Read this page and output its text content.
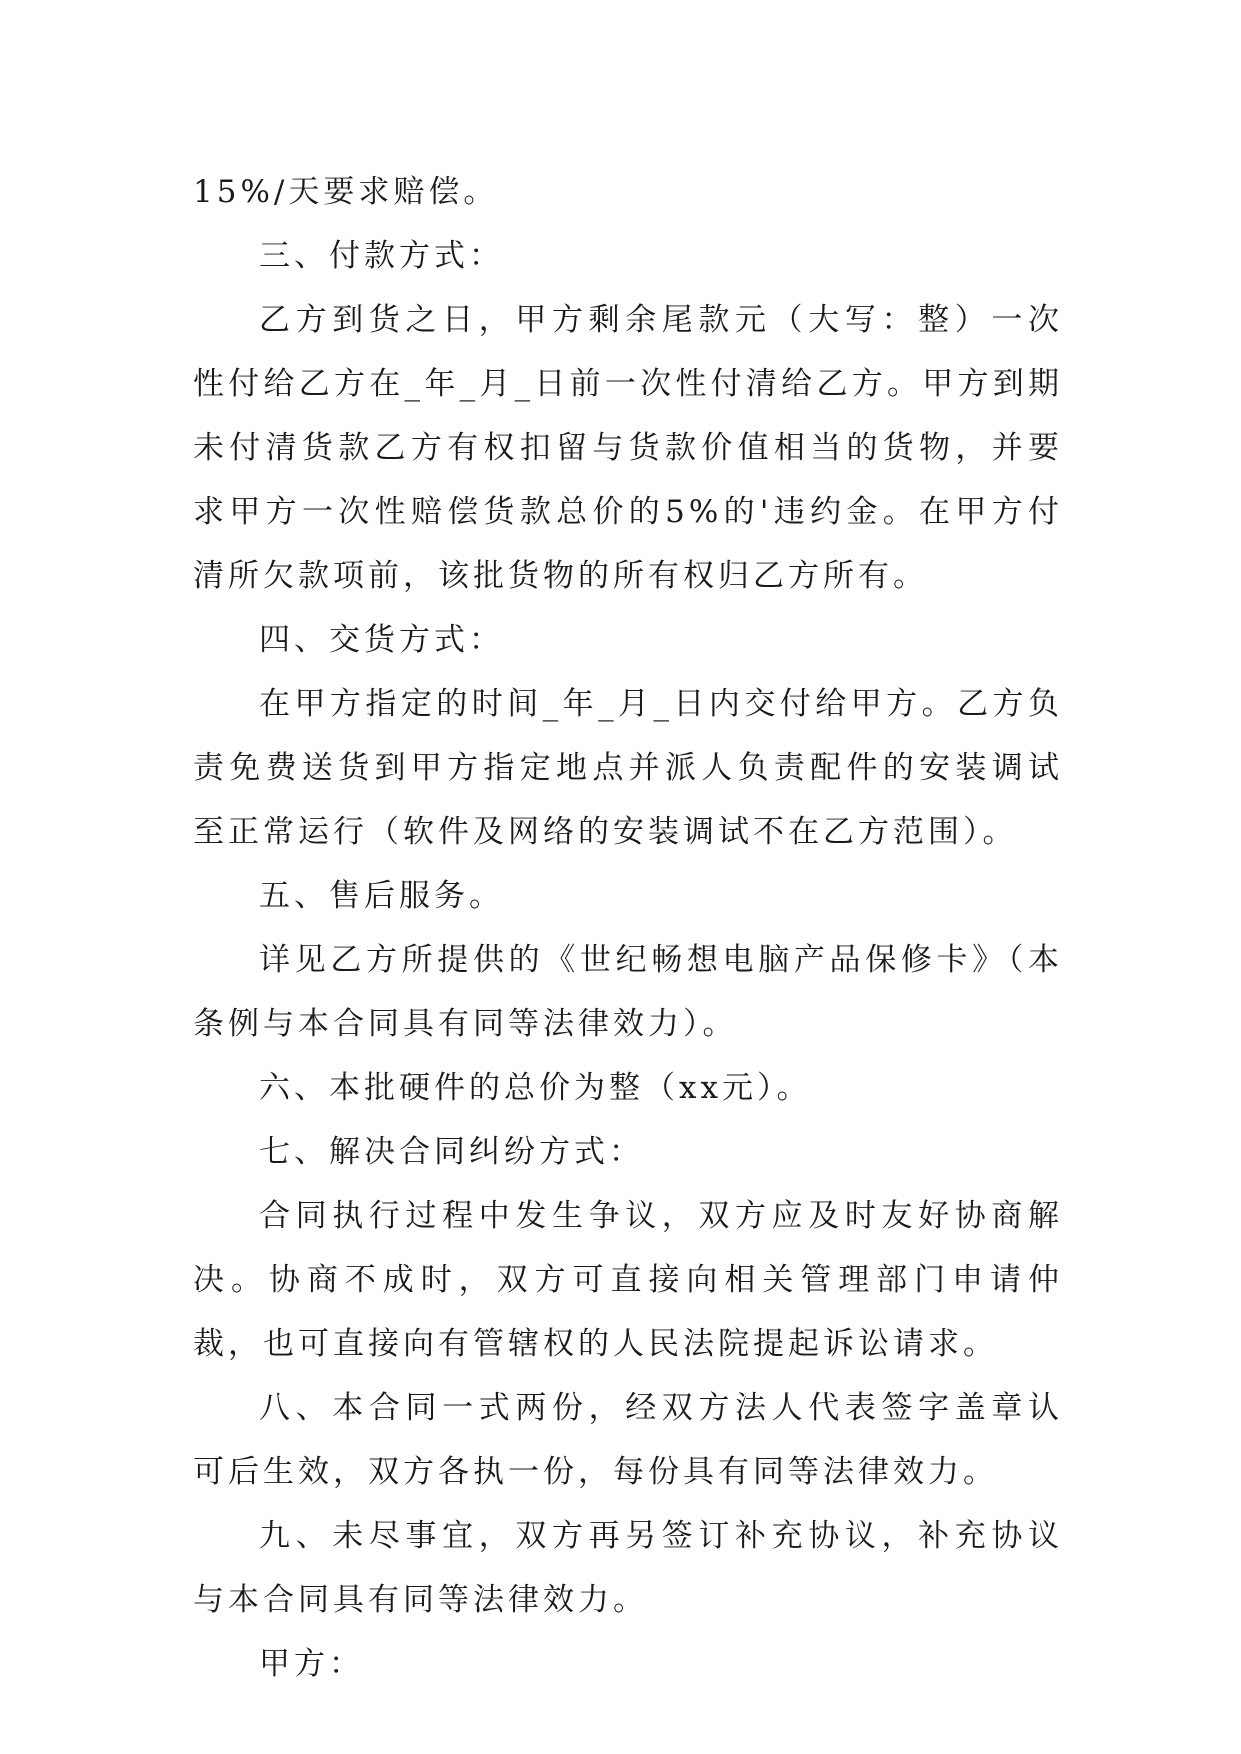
15%/天要求赔偿。

三、付款方式：

乙方到货之日，甲方剩余尾款元（大写：整）一次性付给乙方在_年_月_日前一次性付清给乙方。甲方到期未付清货款乙方有权扣留与货款价值相当的货物，并要求甲方一次性赔偿货款总价的5%的'违约金。在甲方付清所欠款项前，该批货物的所有权归乙方所有。

四、交货方式：

在甲方指定的时间_年_月_日内交付给甲方。乙方负责免费送货到甲方指定地点并派人负责配件的安装调试至正常运行（软件及网络的安装调试不在乙方范围）。

五、售后服务。

详见乙方所提供的《世纪畅想电脑产品保修卡》（本条例与本合同具有同等法律效力）。

六、本批硬件的总价为整（xx元）。

七、解决合同纠纷方式：

合同执行过程中发生争议，双方应及时友好协商解决。协商不成时，双方可直接向相关管理部门申请仲裁，也可直接向有管辖权的人民法院提起诉讼请求。

八、本合同一式两份，经双方法人代表签字盖章认可后生效，双方各执一份，每份具有同等法律效力。

九、未尽事宜，双方再另签订补充协议，补充协议与本合同具有同等法律效力。

甲方：
